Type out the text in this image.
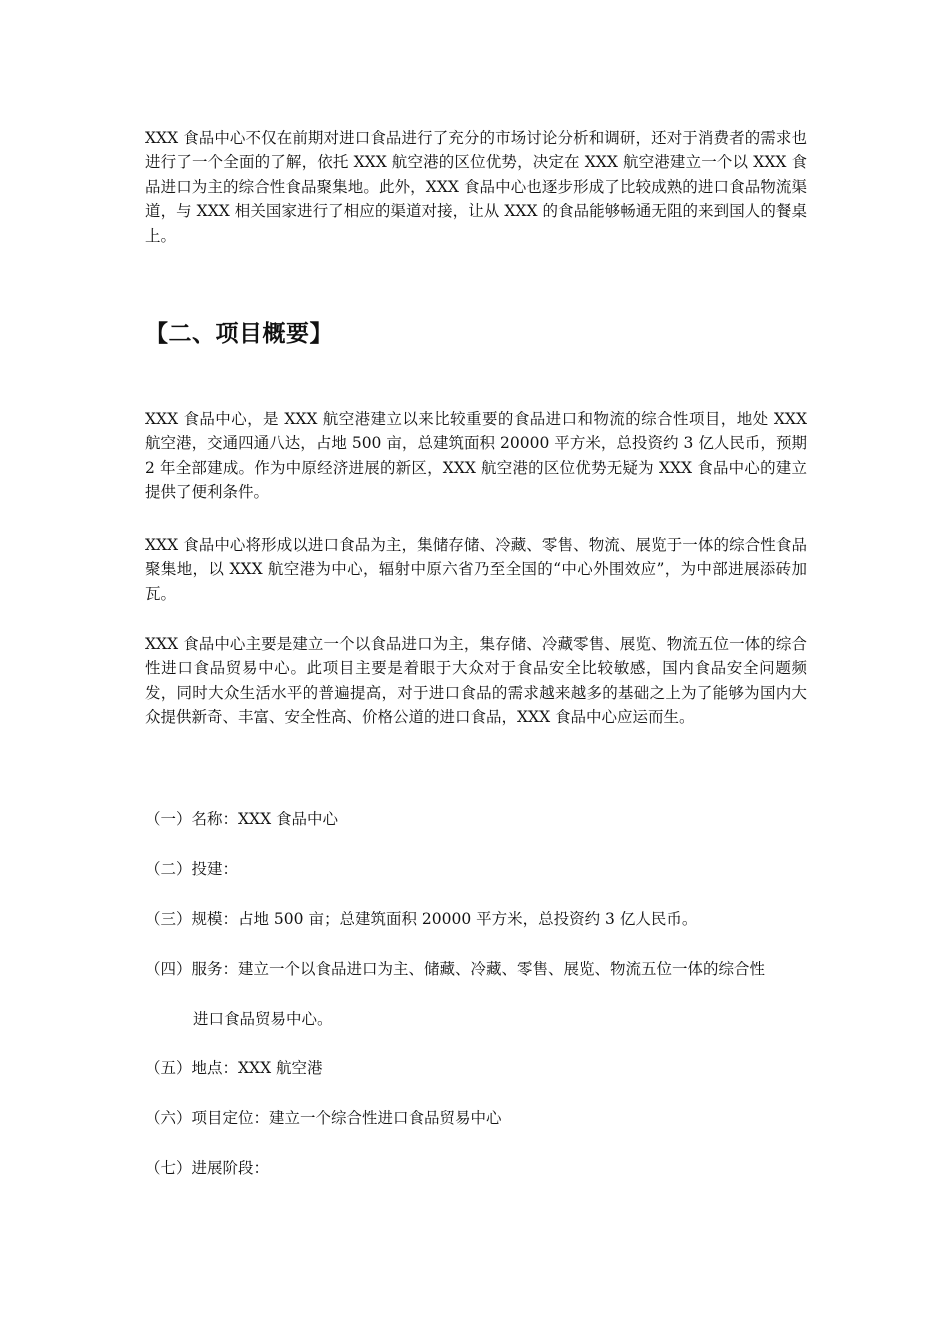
XXX 食品中心不仅在前期对进口食品进行了充分的市场讨论分析和调研，还对于消费者的需求也进行了一个全面的了解，依托 XXX 航空港的区位优势，决定在 XXX 航空港建立一个以 XXX 食品进口为主的综合性食品聚集地。此外，XXX 食品中心也逐步形成了比较成熟的进口食品物流渠道，与 XXX 相关国家进行了相应的渠道对接，让从 XXX 的食品能够畅通无阻的来到国人的餐桌上。

【二、项目概要】

XXX 食品中心，是 XXX 航空港建立以来比较重要的食品进口和物流的综合性项目，地处 XXX 航空港，交通四通八达，占地 500 亩，总建筑面积 20000 平方米，总投资约 3 亿人民币，预期 2 年全部建成。作为中原经济进展的新区，XXX 航空港的区位优势无疑为 XXX 食品中心的建立提供了便利条件。

XXX 食品中心将形成以进口食品为主，集储存储、冷藏、零售、物流、展览于一体的综合性食品聚集地，以 XXX 航空港为中心，辐射中原六省乃至全国的“中心外围效应”，为中部进展添砖加瓦。

XXX 食品中心主要是建立一个以食品进口为主，集存储、冷藏零售、展览、物流五位一体的综合性进口食品贸易中心。此项目主要是着眼于大众对于食品安全比较敏感，国内食品安全问题频发，同时大众生活水平的普遍提高，对于进口食品的需求越来越多的基础之上为了能够为国内大众提供新奇、丰富、安全性高、价格公道的进口食品，XXX 食品中心应运而生。

（一）名称：XXX 食品中心

（二）投建：

（三）规模：占地 500 亩；总建筑面积 20000 平方米，总投资约 3 亿人民币。

（四）服务：建立一个以食品进口为主、储藏、冷藏、零售、展览、物流五位一体的综合性

进口食品贸易中心。

（五）地点：XXX 航空港

（六）项目定位：建立一个综合性进口食品贸易中心

（七）进展阶段：
